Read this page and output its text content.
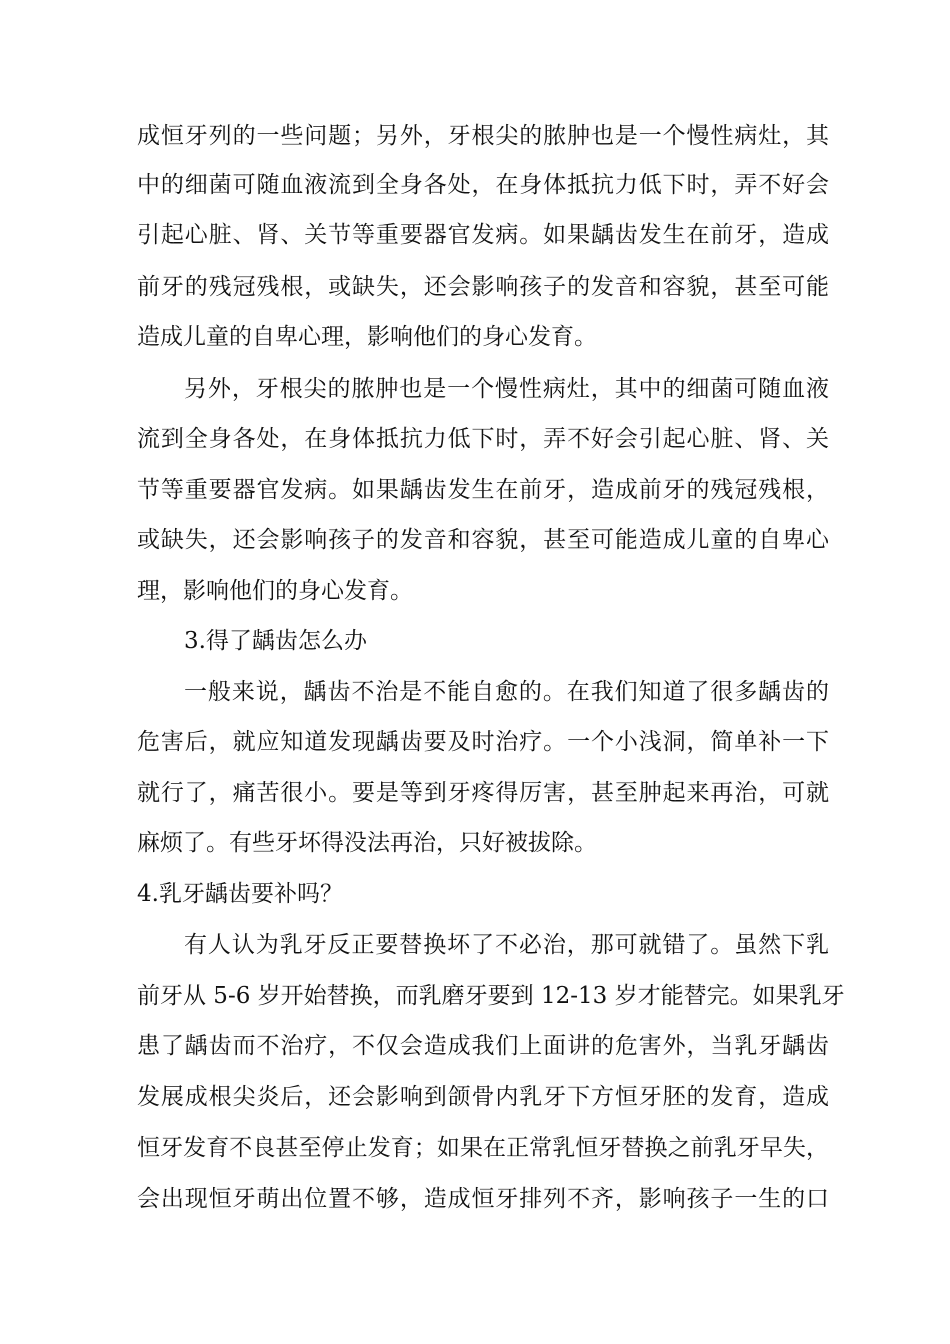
成恒牙列的一些问题；另外，牙根尖的脓肿也是一个慢性病灶，其
中的细菌可随血液流到全身各处，在身体抵抗力低下时，弄不好会
引起心脏、肾、关节等重要器官发病。如果龋齿发生在前牙，造成
前牙的残冠残根，或缺失，还会影响孩子的发音和容貌，甚至可能
造成儿童的自卑心理，影响他们的身心发育。
另外，牙根尖的脓肿也是一个慢性病灶，其中的细菌可随血液
流到全身各处，在身体抵抗力低下时，弄不好会引起心脏、肾、关
节等重要器官发病。如果龋齿发生在前牙，造成前牙的残冠残根，
或缺失，还会影响孩子的发音和容貌，甚至可能造成儿童的自卑心
理，影响他们的身心发育。
3.得了龋齿怎么办
一般来说，龋齿不治是不能自愈的。在我们知道了很多龋齿的
危害后，就应知道发现龋齿要及时治疗。一个小浅洞，简单补一下
就行了，痛苦很小。要是等到牙疼得厉害，甚至肿起来再治，可就
麻烦了。有些牙坏得没法再治，只好被拔除。
4.乳牙龋齿要补吗？
有人认为乳牙反正要替换坏了不必治，那可就错了。虽然下乳
前牙从 5-6 岁开始替换，而乳磨牙要到 12-13 岁才能替完。如果乳牙
患了龋齿而不治疗，不仅会造成我们上面讲的危害外，当乳牙龋齿
发展成根尖炎后，还会影响到颌骨内乳牙下方恒牙胚的发育，造成
恒牙发育不良甚至停止发育；如果在正常乳恒牙替换之前乳牙早失，
会出现恒牙萌出位置不够，造成恒牙排列不齐，影响孩子一生的口
